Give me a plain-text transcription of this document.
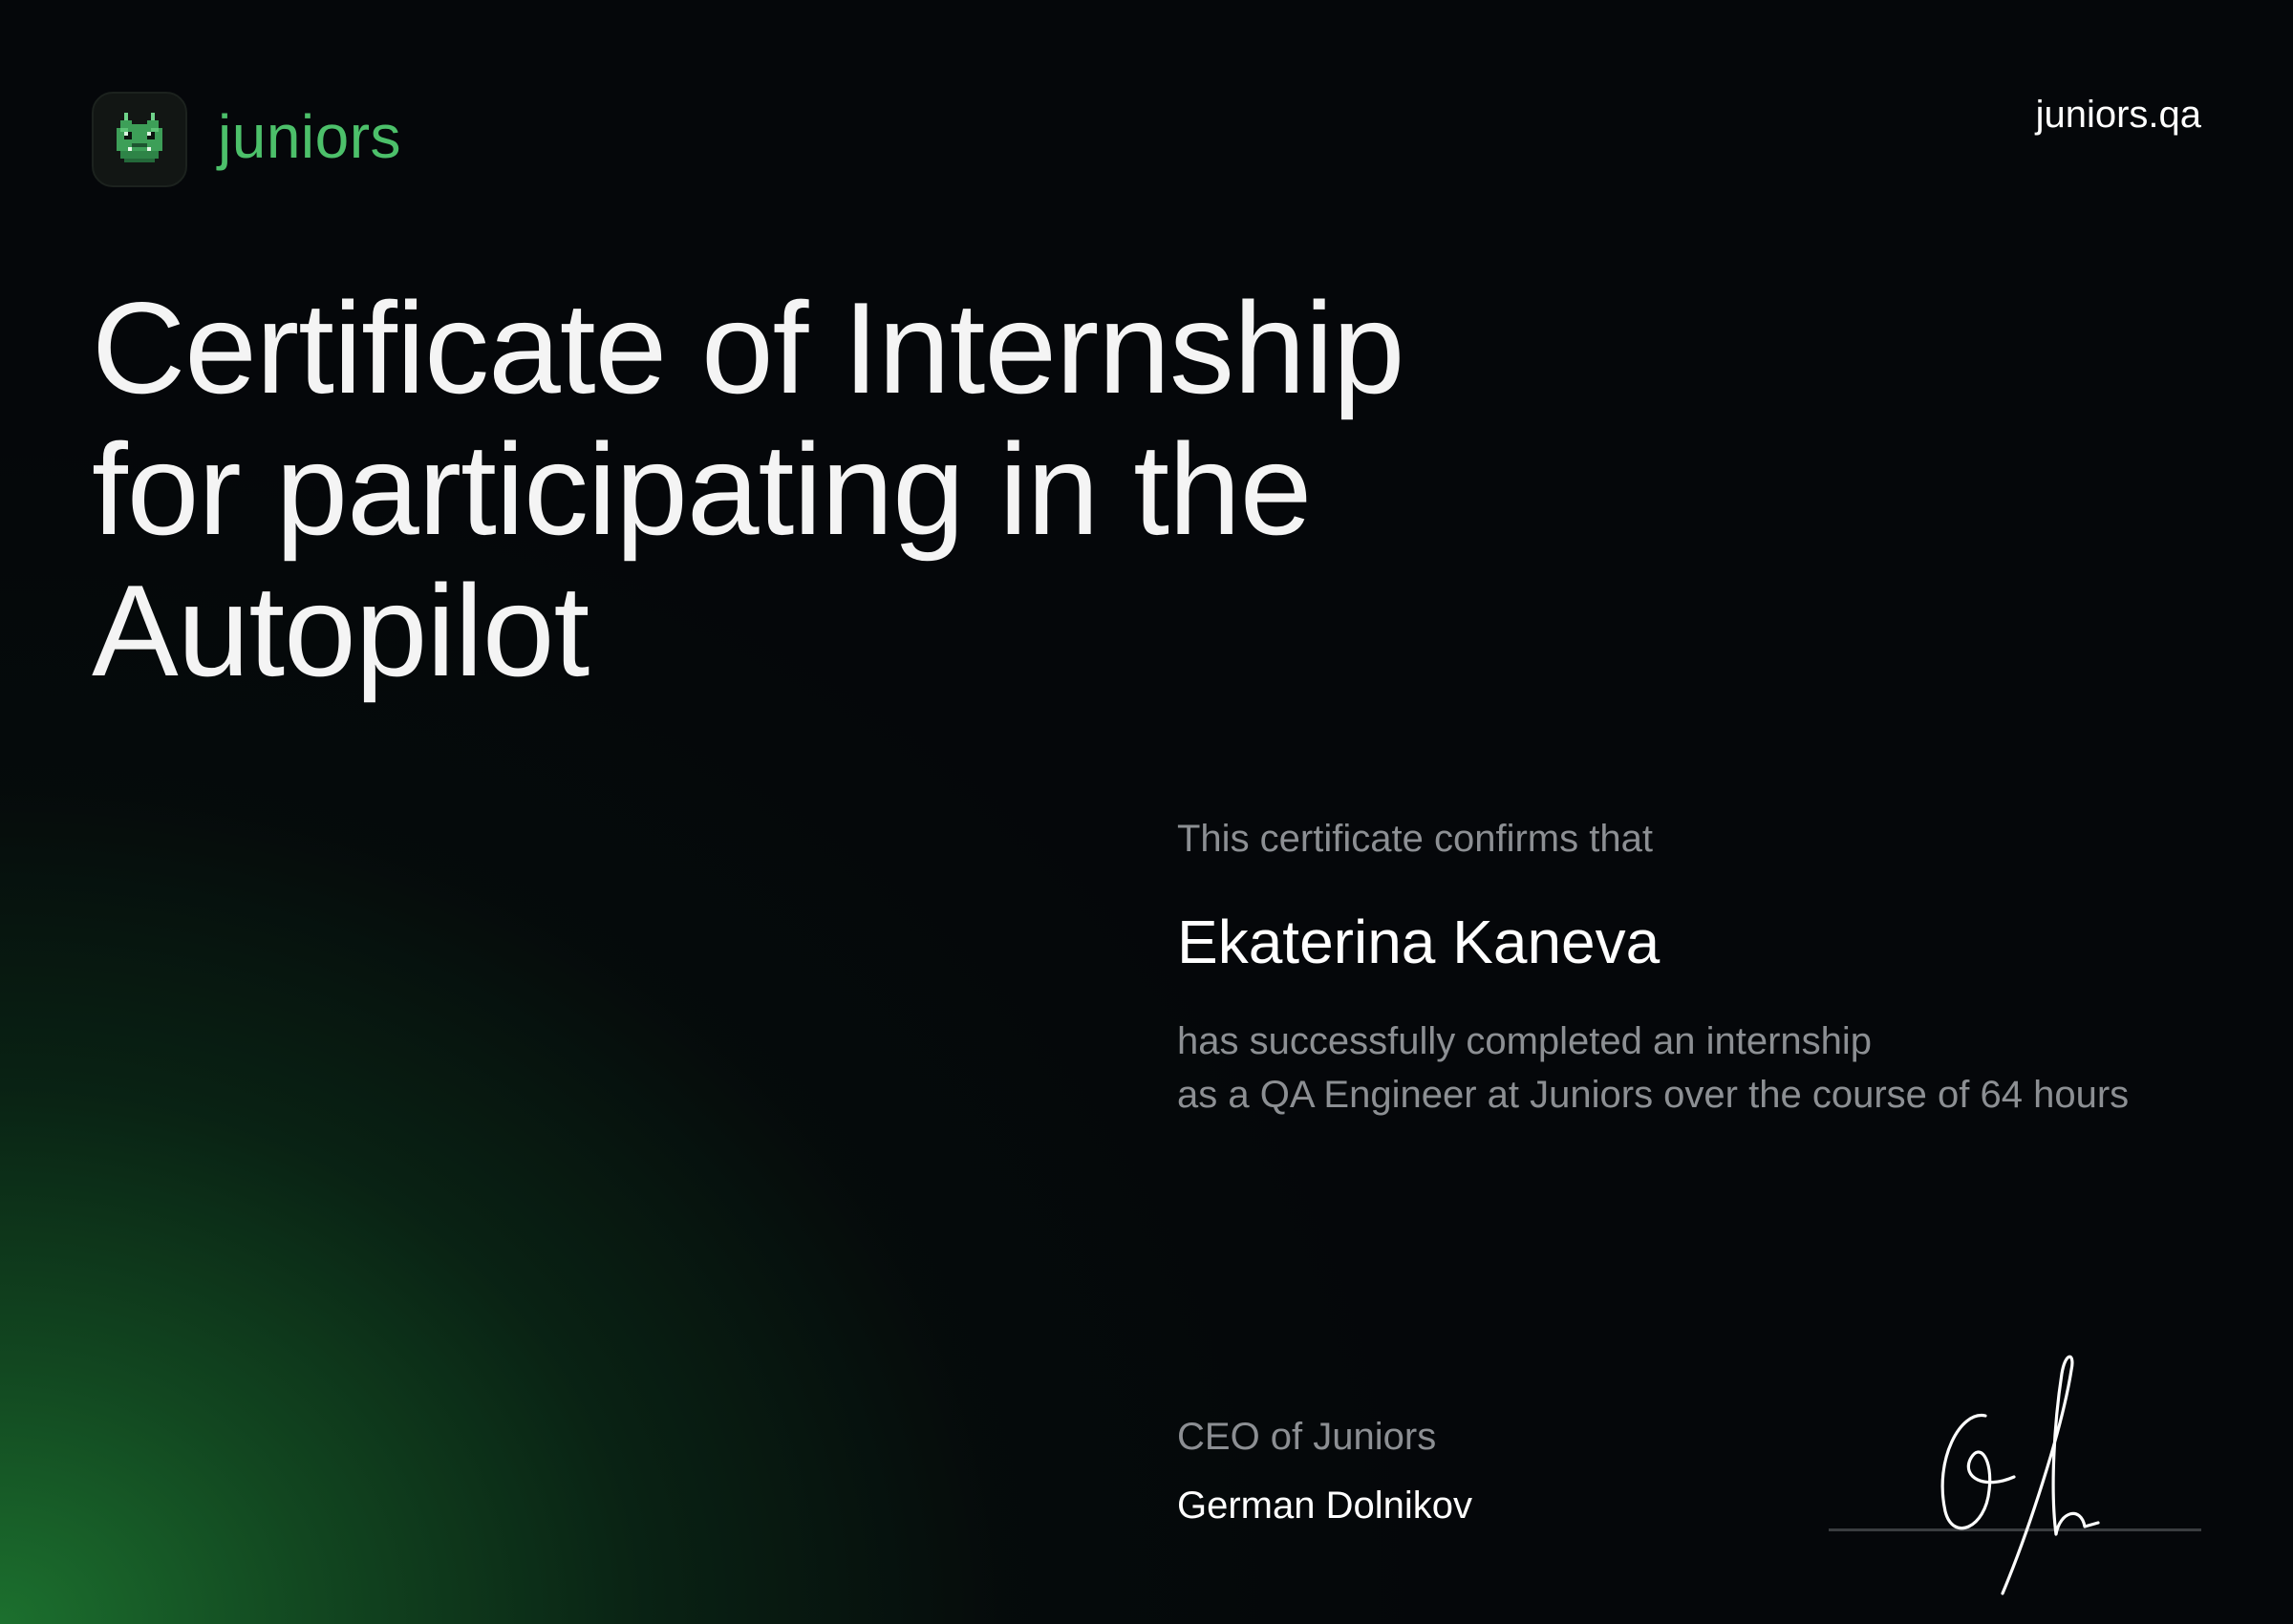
juniors	juniors.qa
Certificate of Internship
for participating in the
Autopilot
This certificate confirms that
Ekaterina Kaneva
has successfully completed an internship
as a QA Engineer at Juniors over the course of 64 hours
CEO of Juniors
German Dolnikov
